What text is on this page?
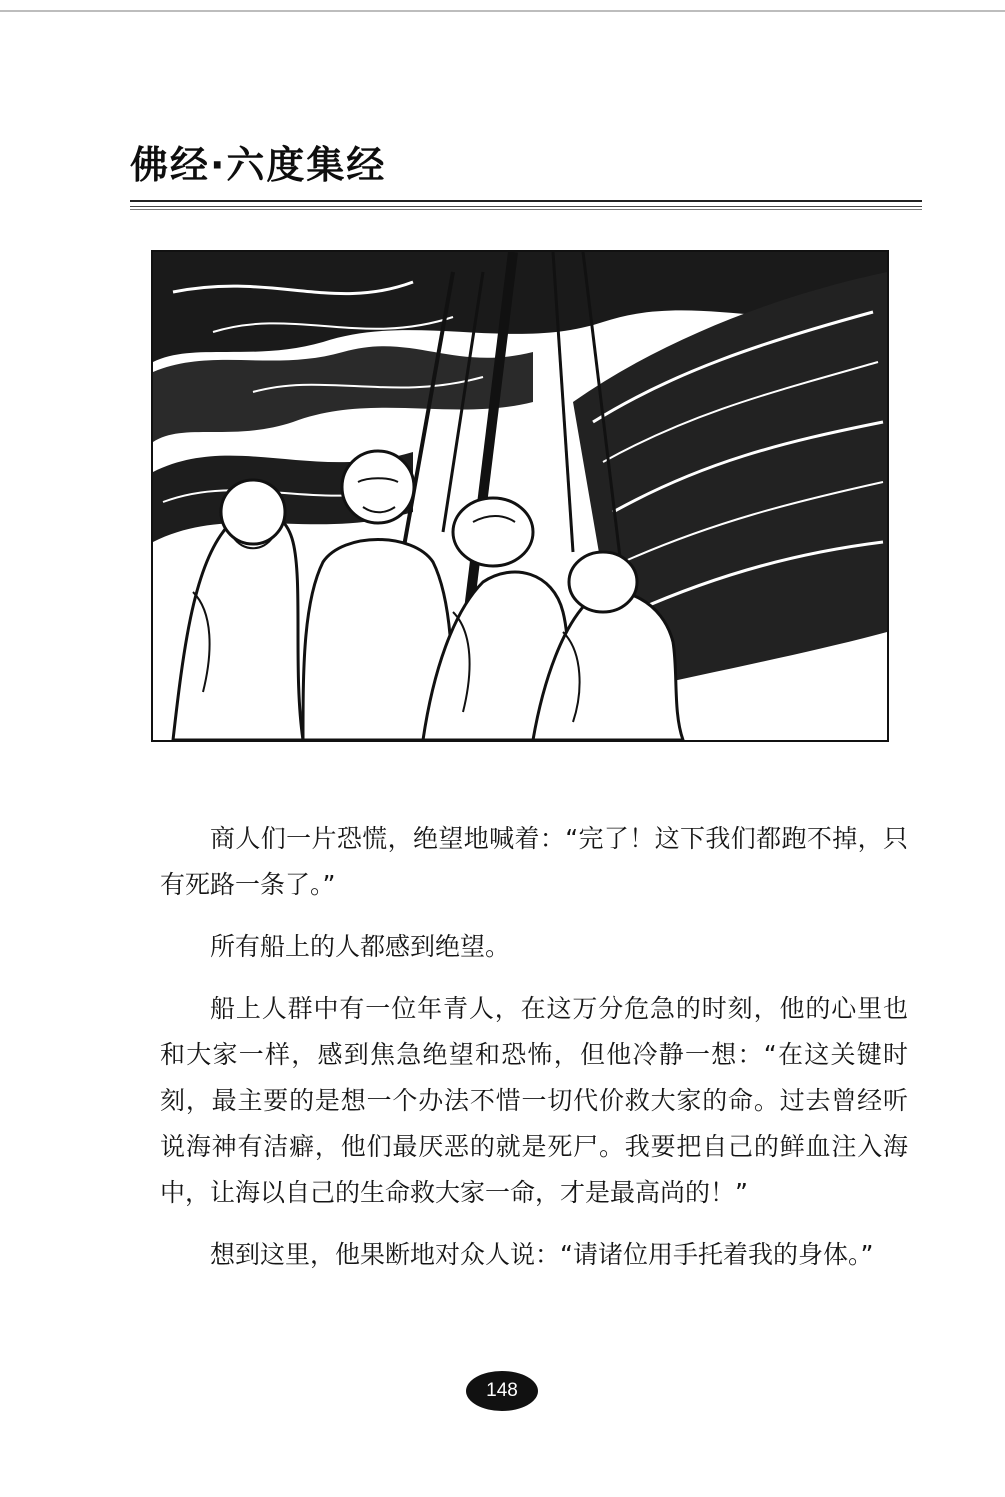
佛经·六度集经

商人们一片恐慌，绝望地喊着：“完了！这下我们都跑不掉，只有死路一条了。”

所有船上的人都感到绝望。

船上人群中有一位年青人，在这万分危急的时刻，他的心里也和大家一样，感到焦急绝望和恐怖，但他冷静一想：“在这关键时刻，最主要的是想一个办法不惜一切代价救大家的命。过去曾经听说海神有洁癖，他们最厌恶的就是死尸。我要把自己的鲜血注入海中，让海以自己的生命救大家一命，才是最高尚的！”

想到这里，他果断地对众人说：“请诸位用手托着我的身体。”

148
